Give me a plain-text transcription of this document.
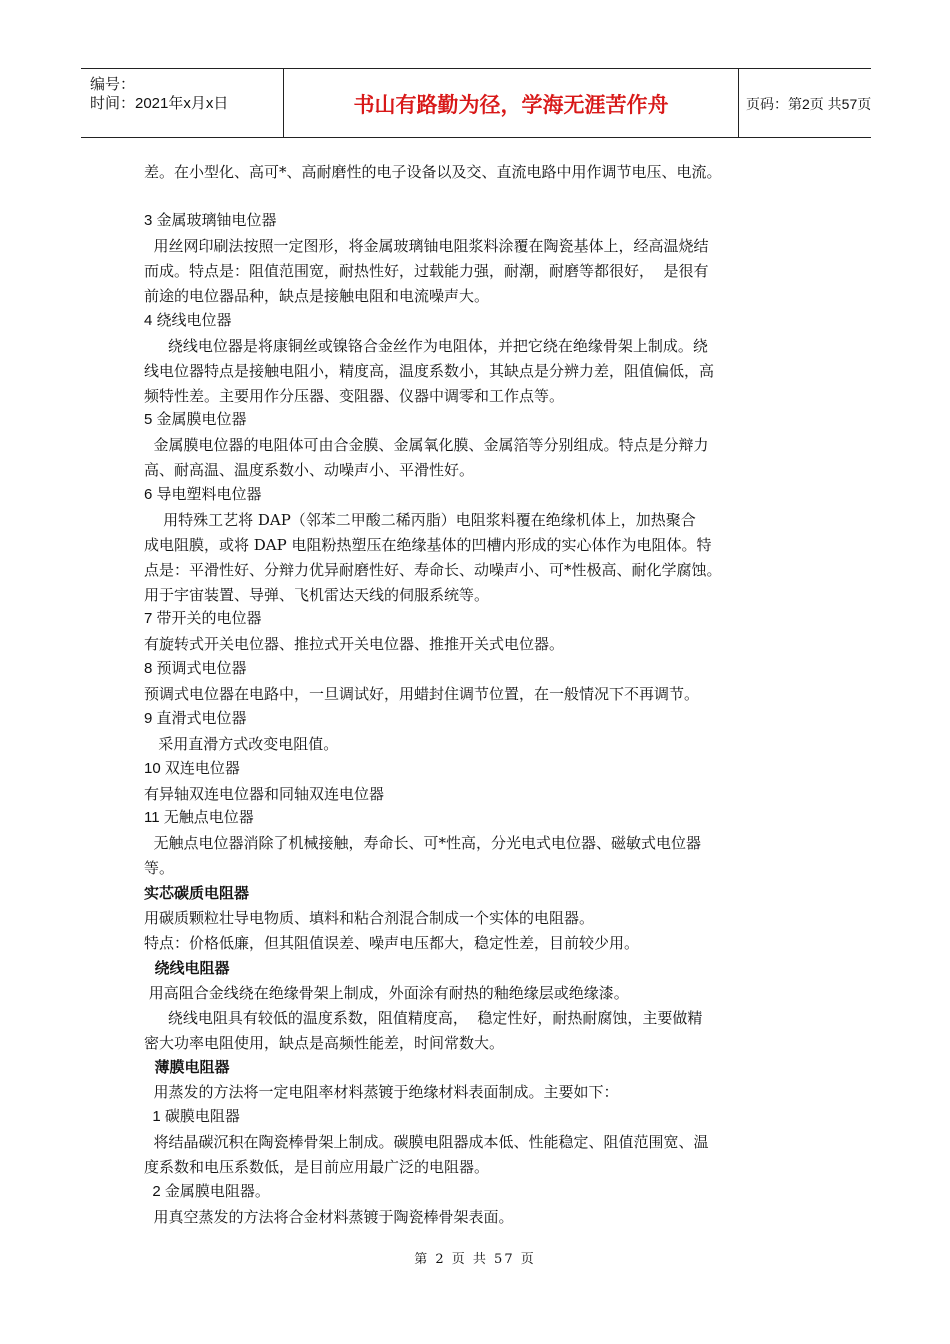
编号：
时间：2021年x月x日	书山有路勤为径，学海无涯苦作舟	页码：第2页 共57页
差。在小型化、高可*、高耐磨性的电子设备以及交、直流电路中用作调节电压、电流。
3 金属玻璃铀电位器
用丝网印刷法按照一定图形，将金属玻璃铀电阻浆料涂覆在陶瓷基体上，经高温烧结
而成。特点是：阻值范围宽，耐热性好，过载能力强，耐潮，耐磨等都很好，  是很有
前途的电位器品种，缺点是接触电阻和电流噪声大。
4 绕线电位器
绕线电位器是将康铜丝或镍铬合金丝作为电阻体，并把它绕在绝缘骨架上制成。绕
线电位器特点是接触电阻小，精度高，温度系数小，其缺点是分辨力差，阻值偏低，高
频特性差。主要用作分压器、变阻器、仪器中调零和工作点等。
5 金属膜电位器
金属膜电位器的电阻体可由合金膜、金属氧化膜、金属箔等分别组成。特点是分辩力
高、耐高温、温度系数小、动噪声小、平滑性好。
6 导电塑料电位器
用特殊工艺将 DAP（邻苯二甲酸二稀丙脂）电阻浆料覆在绝缘机体上，加热聚合
成电阻膜，或将 DAP 电阻粉热塑压在绝缘基体的凹槽内形成的实心体作为电阻体。特
点是：平滑性好、分辩力优异耐磨性好、寿命长、动噪声小、可*性极高、耐化学腐蚀。
用于宇宙装置、导弹、飞机雷达天线的伺服系统等。
7 带开关的电位器
有旋转式开关电位器、推拉式开关电位器、推推开关式电位器。
8 预调式电位器
预调式电位器在电路中，一旦调试好，用蜡封住调节位置，在一般情况下不再调节。
9 直滑式电位器
采用直滑方式改变电阻值。
10 双连电位器
有异轴双连电位器和同轴双连电位器
11 无触点电位器
无触点电位器消除了机械接触，寿命长、可*性高，分光电式电位器、磁敏式电位器
等。
实芯碳质电阻器
用碳质颗粒壮导电物质、填料和粘合剂混合制成一个实体的电阻器。
特点：价格低廉，但其阻值误差、噪声电压都大，稳定性差，目前较少用。
绕线电阻器
用高阻合金线绕在绝缘骨架上制成，外面涂有耐热的釉绝缘层或绝缘漆。
绕线电阻具有较低的温度系数，阻值精度高，  稳定性好，耐热耐腐蚀，主要做精
密大功率电阻使用，缺点是高频性能差，时间常数大。
薄膜电阻器
用蒸发的方法将一定电阻率材料蒸镀于绝缘材料表面制成。主要如下：
1 碳膜电阻器
将结晶碳沉积在陶瓷棒骨架上制成。碳膜电阻器成本低、性能稳定、阻值范围宽、温
度系数和电压系数低，是目前应用最广泛的电阻器。
2 金属膜电阻器。
用真空蒸发的方法将合金材料蒸镀于陶瓷棒骨架表面。
第 2 页 共 57 页
